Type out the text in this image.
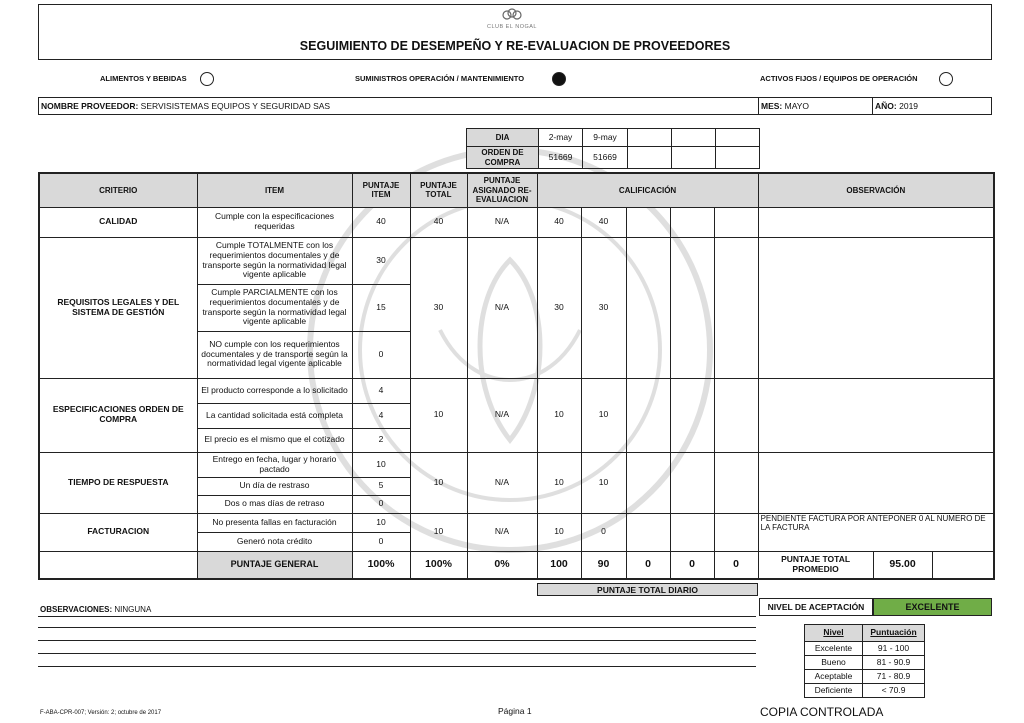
CLUB EL NOGAL
SEGUIMIENTO DE DESEMPEÑO Y RE-EVALUACION DE PROVEEDORES
ALIMENTOS Y BEBIDAS	SUMINISTROS OPERACIÓN / MANTENIMIENTO	ACTIVOS FIJOS / EQUIPOS DE OPERACIÓN
NOMBRE PROVEEDOR: SERVISISTEMAS EQUIPOS Y SEGURIDAD SAS	MES: MAYO	AÑO: 2019
DIA	2-may	9-may			
ORDEN DE COMPRA	51669	51669			
CRITERIO	ITEM	PUNTAJE ITEM	PUNTAJE TOTAL	PUNTAJE ASIGNADO RE-EVALUACION	CALIFICACIÓN					OBSERVACIÓN
CALIDAD	Cumple con la especificaciones requeridas	40	40	N/A	40	40				
REQUISITOS LEGALES Y DEL SISTEMA DE GESTIÓN	Cumple TOTALMENTE con los requerimientos documentales y de transporte según la normatividad legal vigente aplicable	30	30	N/A	30	30				
	Cumple PARCIALMENTE con los requerimientos documentales y de transporte según la normatividad legal vigente aplicable	15								
	NO cumple con los requerimientos documentales y de transporte según la normatividad legal vigente aplicable	0								
ESPECIFICACIONES ORDEN DE COMPRA	El producto corresponde a lo solicitado	4	10	N/A	10	10				
	La cantidad solicitada está completa	4								
	El precio es el mismo que el cotizado	2								
TIEMPO DE RESPUESTA	Entrego en fecha, lugar y horario pactado	10	10	N/A	10	10				
	Un día de restraso	5								
	Dos o mas días de retraso	0								
FACTURACION	No presenta fallas en facturación	10	10	N/A	10	0				PENDIENTE FACTURA POR ANTEPONER 0 AL NUMERO DE LA FACTURA
	Generó nota crédito	0								
	PUNTAJE GENERAL	100%	100%	0%	100	90	0	0	0	PUNTAJE TOTAL PROMEDIO 95.00
PUNTAJE TOTAL DIARIO
NIVEL DE ACEPTACIÓN	EXCELENTE
OBSERVACIONES: NINGUNA
Nivel	Puntuación
Excelente	91 - 100
Bueno	81 - 90.9
Aceptable	71 - 80.9
Deficiente	< 70.9
F-ABA-CPR-007; Versión: 2; octubre de 2017	Página 1	COPIA CONTROLADA
